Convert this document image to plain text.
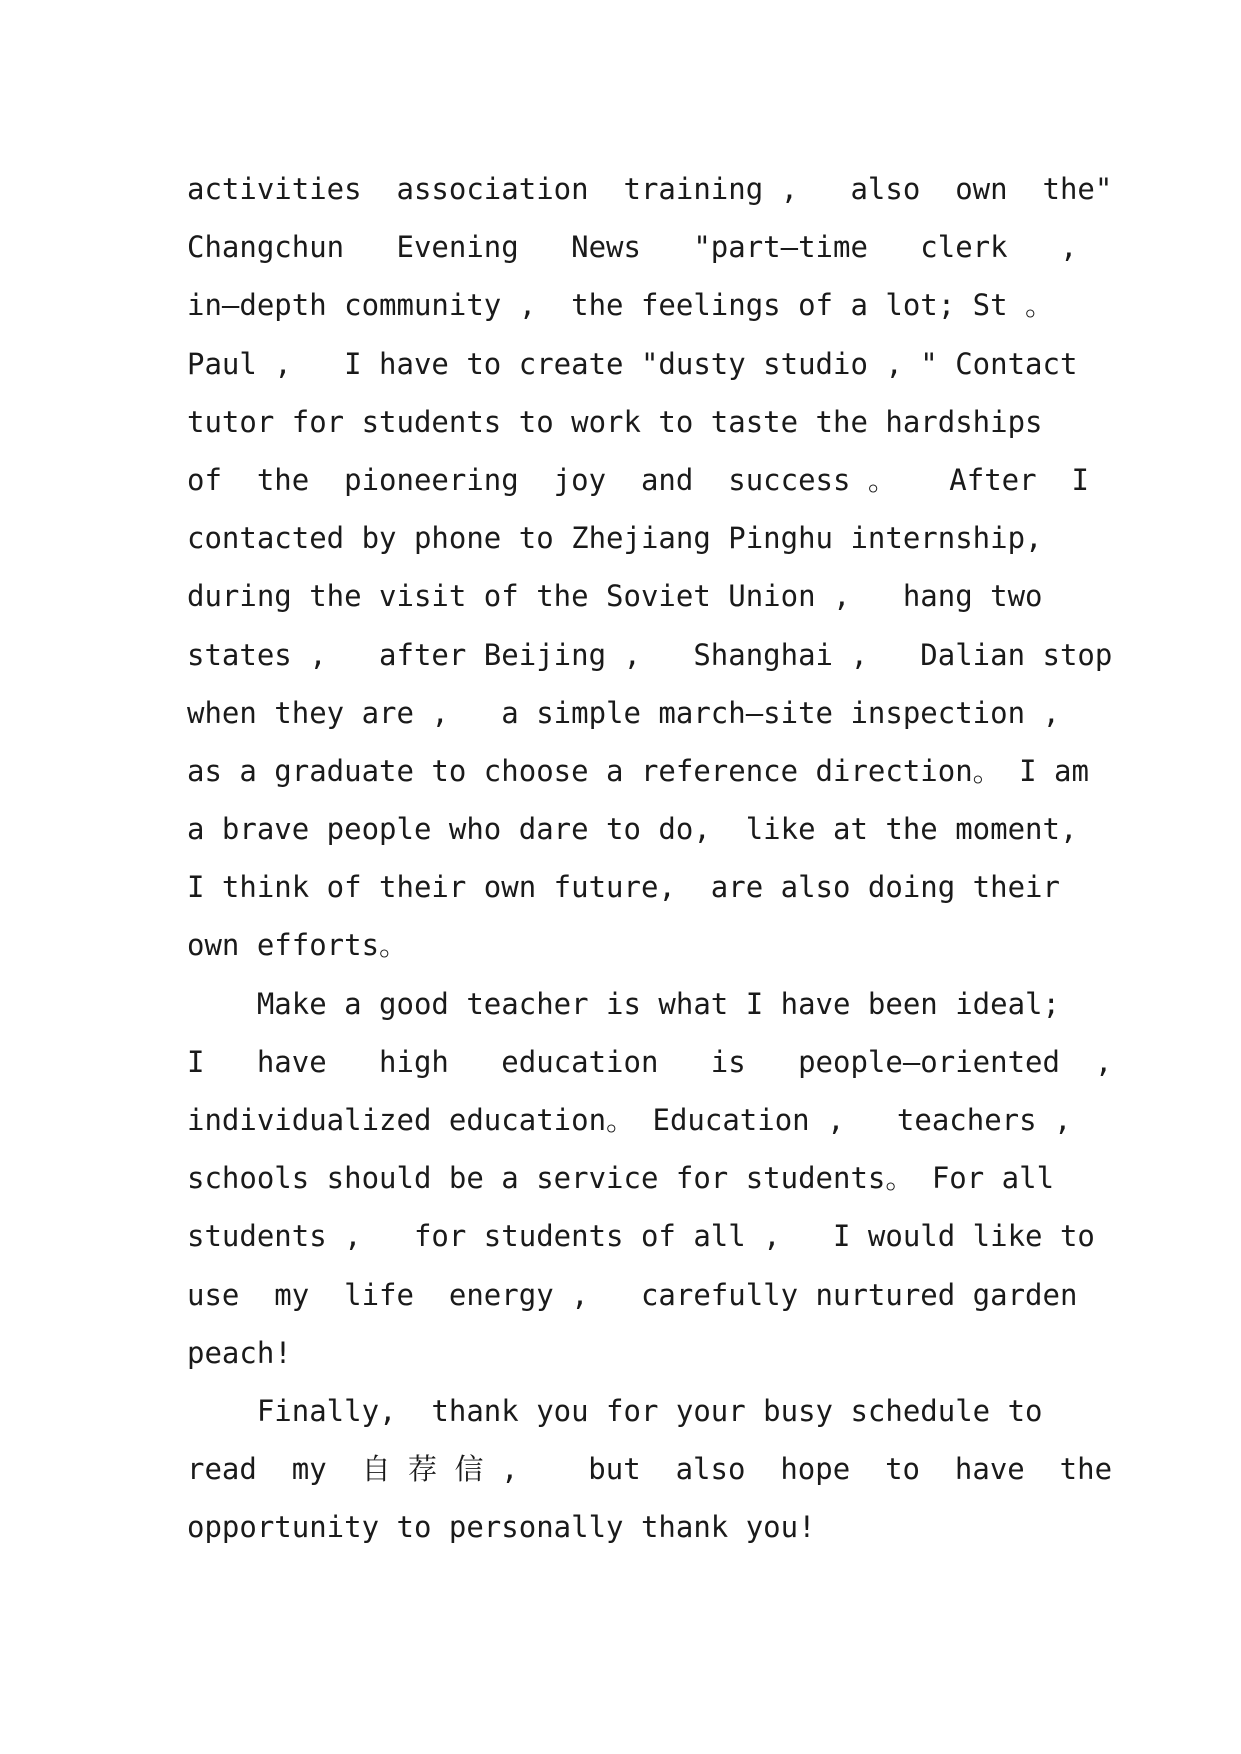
activities  association  training ,   also  own  the"
Changchun   Evening   News   "part—time   clerk   ,
in—depth community ,  the feelings of a lot; St 。
Paul ,   I have to create "dusty studio , " Contact
tutor for students to work to taste the hardships
of  the  pioneering  joy  and  success 。   After  I
contacted by phone to Zhejiang Pinghu internship,
during the visit of the Soviet Union ,   hang two
states ,   after Beijing ,   Shanghai ,   Dalian stop
when they are ,   a simple march—site inspection ,
as a graduate to choose a reference direction。 I am
a brave people who dare to do,  like at the moment,
I think of their own future,  are also doing their
own efforts。
Make a good teacher is what I have been ideal;
I   have   high   education   is   people—oriented  ,
individualized education。 Education ,   teachers ,
schools should be a service for students。 For all
students ,   for students of all ,   I would like to
use  my  life  energy ,   carefully nurtured garden
peach!
Finally,  thank you for your busy schedule to
read  my  自 荐 信 ,    but  also  hope  to  have  the
opportunity to personally thank you!
